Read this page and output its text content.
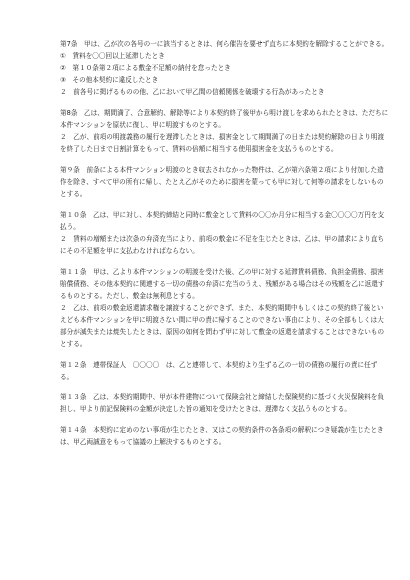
第7条　甲は、乙が次の各号の一に該当するときは、何ら催告を要せず直ちに本契約を解除することができる。

①　賃料を〇〇回以上延滞したとき

②　第１０条第２項による敷金不足額の納付を怠ったとき

③　その他本契約に違反したとき

２　前各号に掲げるものの他、乙において甲乙間の信頼関係を破壊する行為があったとき

第8条　乙は、期間満了、合意解約、解除等により本契約終了後甲から明け渡しを求められたときは、ただちに本件マンションを原状に復し、甲に明渡すものとする。

２　乙が、前項の明渡義務の履行を遅滞したときは、損害金として期間満了の日または契約解除の日より明渡を終了した日まで日割計算をもって、賃料の倍額に相当する使用損害金を支払うものとする。

第９条　前条による本件マンション明渡のとき収去されなかった物件は、乙が第六条第２項により付加した造作を除き、すべて甲の所有に帰し、たとえ乙がそのために損害を蒙っても甲に対して何等の請求をしないものとする。

第１０条　乙は、甲に対し、本契約締結と同時に敷金として賃料の〇〇か月分に相当する金〇〇〇〇万円を支払う。

２　賃料の増額または次条の弁済充当により、前項の敷金に不足を生じたときは、乙は、甲の請求により直ちにその不足額を甲に支払わなければならない。

第１１条　甲は、乙より本件マンションの明渡を受けた後、乙の甲に対する延滞賃料債務、負担金債務、損害賠償債務、その他本契約に関連する一切の債務の弁済に充当のうえ、残額がある場合はその残額を乙に返還するものとする。ただし、敷金は無利息とする。

２　乙は、前項の敷金返還請求権を譲渡することができず、また、本契約期間中もしくはこの契約終了後といえども本件マンションを甲に明渡さない間に甲の責に帰することのできない事由により、その全部もしくは大部分が滅失または焼失したときは、原因の如何を問わず甲に対して敷金の返還を請求することはできないものとする。

第１２条　連帯保証人　〇〇〇〇　は、乙と連帯して、本契約より生ずる乙の一切の債務の履行の責に任ずる。

第１３条　乙は、本契約期間中、甲が本件建物について保険会社と締結した保険契約に基づく火災保険料を負担し、甲より前記保険料の金額が決定した旨の通知を受けたときは、遅滞なく支払うものとする。

第１４条　本契約に定めのない事項が生じたとき、又はこの契約条件の各条項の解釈につき疑義が生じたときは、甲乙両誠意をもって協議の上解決するものとする。
